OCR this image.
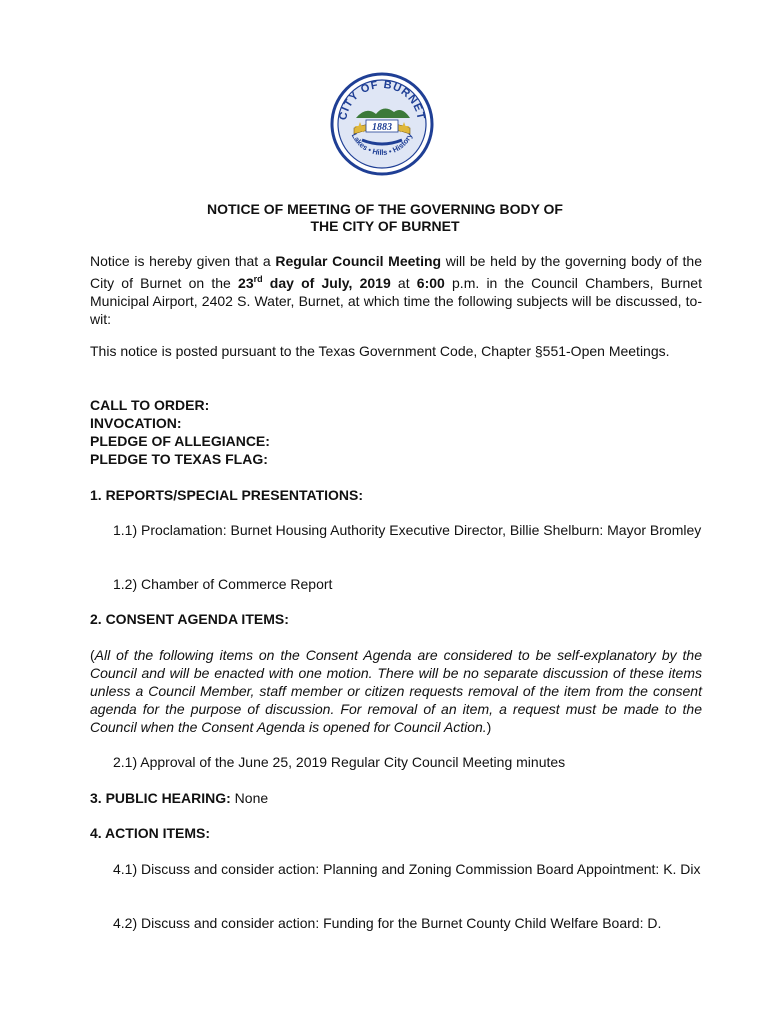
CITY OF BURNET
1883
Lakes • Hills • History
NOTICE OF MEETING OF THE GOVERNING BODY OF
THE CITY OF BURNET
Notice is hereby given that a Regular Council Meeting will be held by the governing body of the City of Burnet on the 23rd day of July, 2019 at 6:00 p.m. in the Council Chambers, Burnet Municipal Airport, 2402 S. Water, Burnet, at which time the following subjects will be discussed, to-wit:
This notice is posted pursuant to the Texas Government Code, Chapter §551-Open Meetings.
CALL TO ORDER:
INVOCATION:
PLEDGE OF ALLEGIANCE:
PLEDGE TO TEXAS FLAG:
1. REPORTS/SPECIAL PRESENTATIONS:
1.1) Proclamation: Burnet Housing Authority Executive Director, Billie Shelburn: Mayor Bromley
1.2) Chamber of Commerce Report
2. CONSENT AGENDA ITEMS:
(All of the following items on the Consent Agenda are considered to be self-explanatory by the Council and will be enacted with one motion. There will be no separate discussion of these items unless a Council Member, staff member or citizen requests removal of the item from the consent agenda for the purpose of discussion. For removal of an item, a request must be made to the Council when the Consent Agenda is opened for Council Action.)
2.1) Approval of the June 25, 2019 Regular City Council Meeting minutes
3. PUBLIC HEARING: None
4. ACTION ITEMS:
4.1) Discuss and consider action: Planning and Zoning Commission Board Appointment: K. Dix
4.2) Discuss and consider action: Funding for the Burnet County Child Welfare Board: D.
